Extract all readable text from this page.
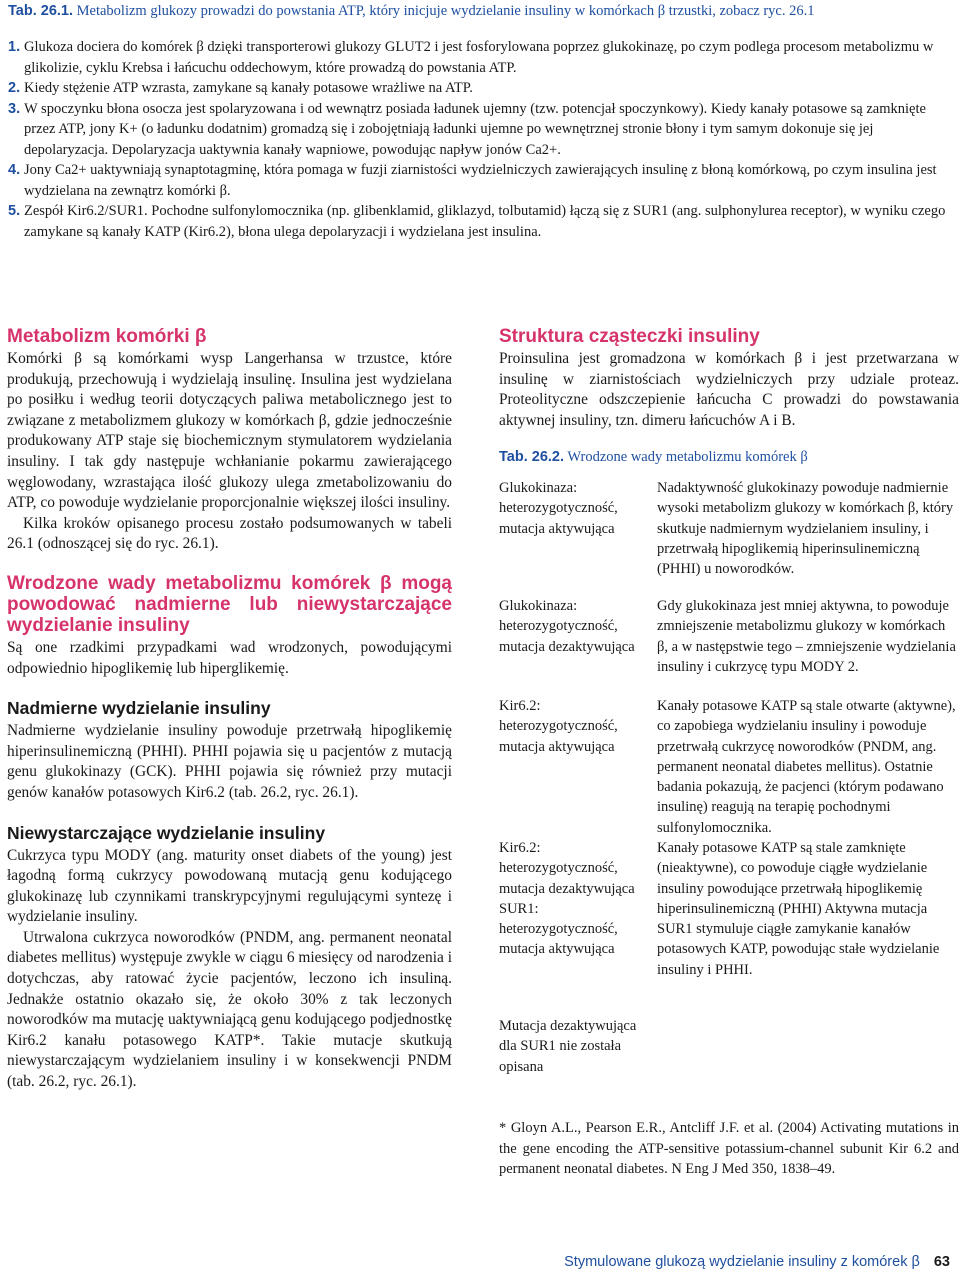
Tab. 26.1. Metabolizm glukozy prowadzi do powstania ATP, który inicjuje wydzielanie insuliny w komórkach β trzustki, zobacz ryc. 26.1
1. Glukoza dociera do komórek β dzięki transporterowi glukozy GLUT2 i jest fosforylowana poprzez glukokinazę, po czym podlega procesom metabolizmu w glikolizie, cyklu Krebsa i łańcuchu oddechowym, które prowadzą do powstania ATP.
2. Kiedy stężenie ATP wzrasta, zamykane są kanały potasowe wrażliwe na ATP.
3. W spoczynku błona osocza jest spolaryzowana i od wewnątrz posiada ładunek ujemny (tzw. potencjał spoczynkowy). Kiedy kanały potasowe są zamknięte przez ATP, jony K+ (o ładunku dodatnim) gromadzą się i zobojętniają ładunki ujemne po wewnętrznej stronie błony i tym samym dokonuje się jej depolaryzacja. Depolaryzacja uaktywnia kanały wapniowe, powodując napływ jonów Ca2+.
4. Jony Ca2+ uaktywniają synaptotagminę, która pomaga w fuzji ziarnistości wydzielniczych zawierających insulinę z błoną komórkową, po czym insulina jest wydzielana na zewnątrz komórki β.
5. Zespół Kir6.2/SUR1. Pochodne sulfonylomocznika (np. glibenklamid, gliklazyd, tolbutamid) łączą się z SUR1 (ang. sulphonylurea receptor), w wyniku czego zamykane są kanały KATP (Kir6.2), błona ulega depolaryzacji i wydzielana jest insulina.
Metabolizm komórki β

Komórki β są komórkami wysp Langerhansa w trzustce, które produkują, przechowują i wydzielają insulinę. Insulina jest wydzielana po posiłku i według teorii dotyczących paliwa metabolicznego jest to związane z metabolizmem glukozy w komórkach β, gdzie jednocześnie produkowany ATP staje się biochemicznym stymulatorem wydzielania insuliny. I tak gdy następuje wchłanianie pokarmu zawierającego węglowodany, wzrastająca ilość glukozy ulega zmetabolizowaniu do ATP, co powoduje wydzielanie proporcjonalnie większej ilości insuliny.

Kilka kroków opisanego procesu zostało podsumowanych w tabeli 26.1 (odnoszącej się do ryc. 26.1).

Wrodzone wady metabolizmu komórek β mogą powodować nadmierne lub niewystarczające wydzielanie insuliny

Są one rzadkimi przypadkami wad wrodzonych, powodującymi odpowiednio hipoglikemię lub hiperglikemię.

Nadmierne wydzielanie insuliny

Nadmierne wydzielanie insuliny powoduje przetrwałą hipoglikemię hiperinsulinemiczną (PHHI). PHHI pojawia się u pacjentów z mutacją genu glukokinazy (GCK). PHHI pojawia się również przy mutacji genów kanałów potasowych Kir6.2 (tab. 26.2, ryc. 26.1).

Niewystarczające wydzielanie insuliny

Cukrzyca typu MODY (ang. maturity onset diabets of the young) jest łagodną formą cukrzycy powodowaną mutacją genu kodującego glukokinazę lub czynnikami transkrypcyjnymi regulującymi syntezę i wydzielanie insuliny.

Utrwalona cukrzyca noworodków (PNDM, ang. permanent neonatal diabetes mellitus) występuje zwykle w ciągu 6 miesięcy od narodzenia i dotychczas, aby ratować życie pacjentów, leczono ich insuliną. Jednakże ostatnio okazało się, że około 30% z tak leczonych noworodków ma mutację uaktywniającą genu kodującego podjednostkę Kir6.2 kanału potasowego KATP*. Takie mutacje skutkują niewystarczającym wydzielaniem insuliny i w konsekwencji PNDM (tab. 26.2, ryc. 26.1).

Struktura cząsteczki insuliny

Proinsulina jest gromadzona w komórkach β i jest przetwarzana w insulinę w ziarnistościach wydzielniczych przy udziale proteaz. Proteolityczne odszczepienie łańcucha C prowadzi do powstawania aktywnej insuliny, tzn. dimeru łańcuchów A i B.

Tab. 26.2. Wrodzone wady metabolizmu komórek β
Glukokinaza: heterozygotyczność, mutacja aktywująca
Nadaktywność glukokinazy powoduje nadmiernie wysoki metabolizm glukozy w komórkach β, który skutkuje nadmiernym wydzielaniem insuliny, i przetrwałą hipoglikemią hiperinsulinemiczną (PHHI) u noworodków.
Glukokinaza: heterozygotyczność, mutacja dezaktywująca
Gdy glukokinaza jest mniej aktywna, to powoduje zmniejszenie metabolizmu glukozy w komórkach β, a w następstwie tego – zmniejszenie wydzielania insuliny i cukrzycę typu MODY 2.
Kir6.2: heterozygotyczność, mutacja aktywująca
Kanały potasowe KATP są stale otwarte (aktywne), co zapobiega wydzielaniu insuliny i powoduje przetrwałą cukrzycę noworodków (PNDM, ang. permanent neonatal diabetes mellitus). Ostatnie badania pokazują, że pacjenci (którym podawano insulinę) reagują na terapię pochodnymi sulfonylomocznika.
Kir6.2: heterozygotyczność, mutacja dezaktywująca SUR1: heterozygotyczność, mutacja aktywująca
Kanały potasowe KATP są stale zamknięte (nieaktywne), co powoduje ciągłe wydzielanie insuliny powodujące przetrwałą hipoglikemię hiperinsulinemiczną (PHHI) Aktywna mutacja SUR1 stymuluje ciągłe zamykanie kanałów potasowych KATP, powodując stałe wydzielanie insuliny i PHHI.
Mutacja dezaktywująca dla SUR1 nie została opisana
* Gloyn A.L., Pearson E.R., Antcliff J.F. et al. (2004) Activating mutations in the gene encoding the ATP-sensitive potassium-channel subunit Kir 6.2 and permanent neonatal diabetes. N Eng J Med 350, 1838–49.
Stymulowane glukozą wydzielanie insuliny z komórek β 63
